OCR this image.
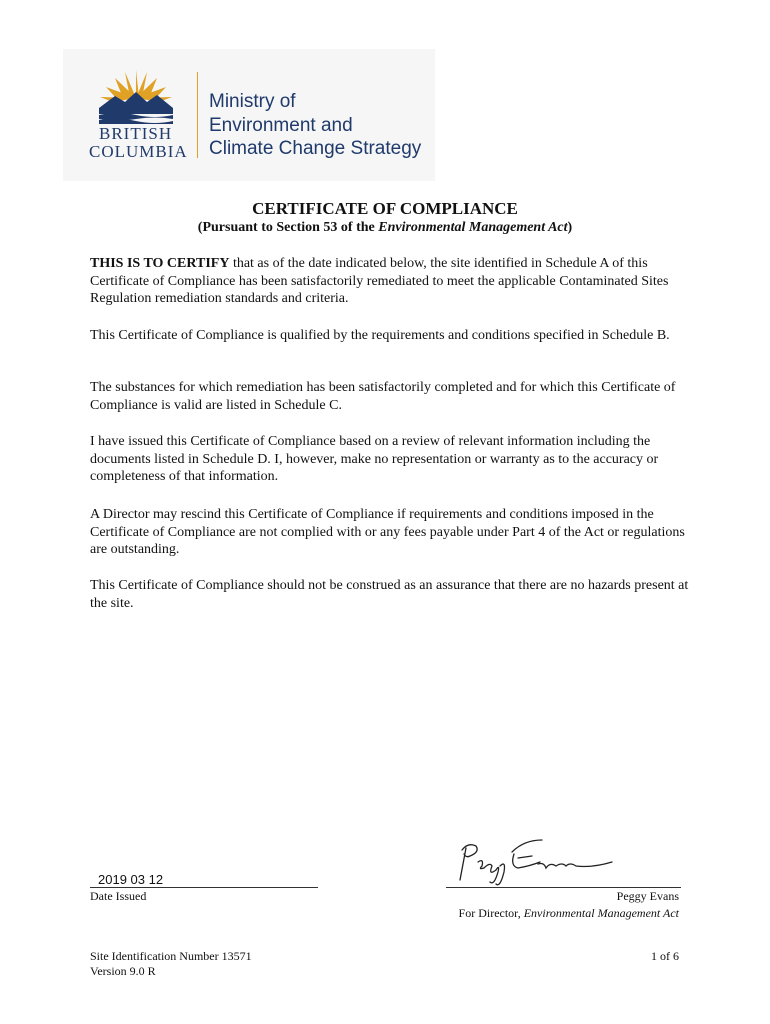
BRITISH
COLUMBIA
Ministry of
Environment and
Climate Change Strategy
CERTIFICATE OF COMPLIANCE
(Pursuant to Section 53 of the Environmental Management Act)
THIS IS TO CERTIFY that as of the date indicated below, the site identified in Schedule A of this Certificate of Compliance has been satisfactorily remediated to meet the applicable Contaminated Sites Regulation remediation standards and criteria.
This Certificate of Compliance is qualified by the requirements and conditions specified in Schedule B.
The substances for which remediation has been satisfactorily completed and for which this Certificate of Compliance is valid are listed in Schedule C.
I have issued this Certificate of Compliance based on a review of relevant information including the documents listed in Schedule D. I, however, make no representation or warranty as to the accuracy or completeness of that information.
A Director may rescind this Certificate of Compliance if requirements and conditions imposed in the Certificate of Compliance are not complied with or any fees payable under Part 4 of the Act or regulations are outstanding.
This Certificate of Compliance should not be construed as an assurance that there are no hazards present at the site.
2019 03 12
Date Issued	Peggy Evans
For Director, Environmental Management Act
Site Identification Number 13571
Version 9.0 R
1 of 6
